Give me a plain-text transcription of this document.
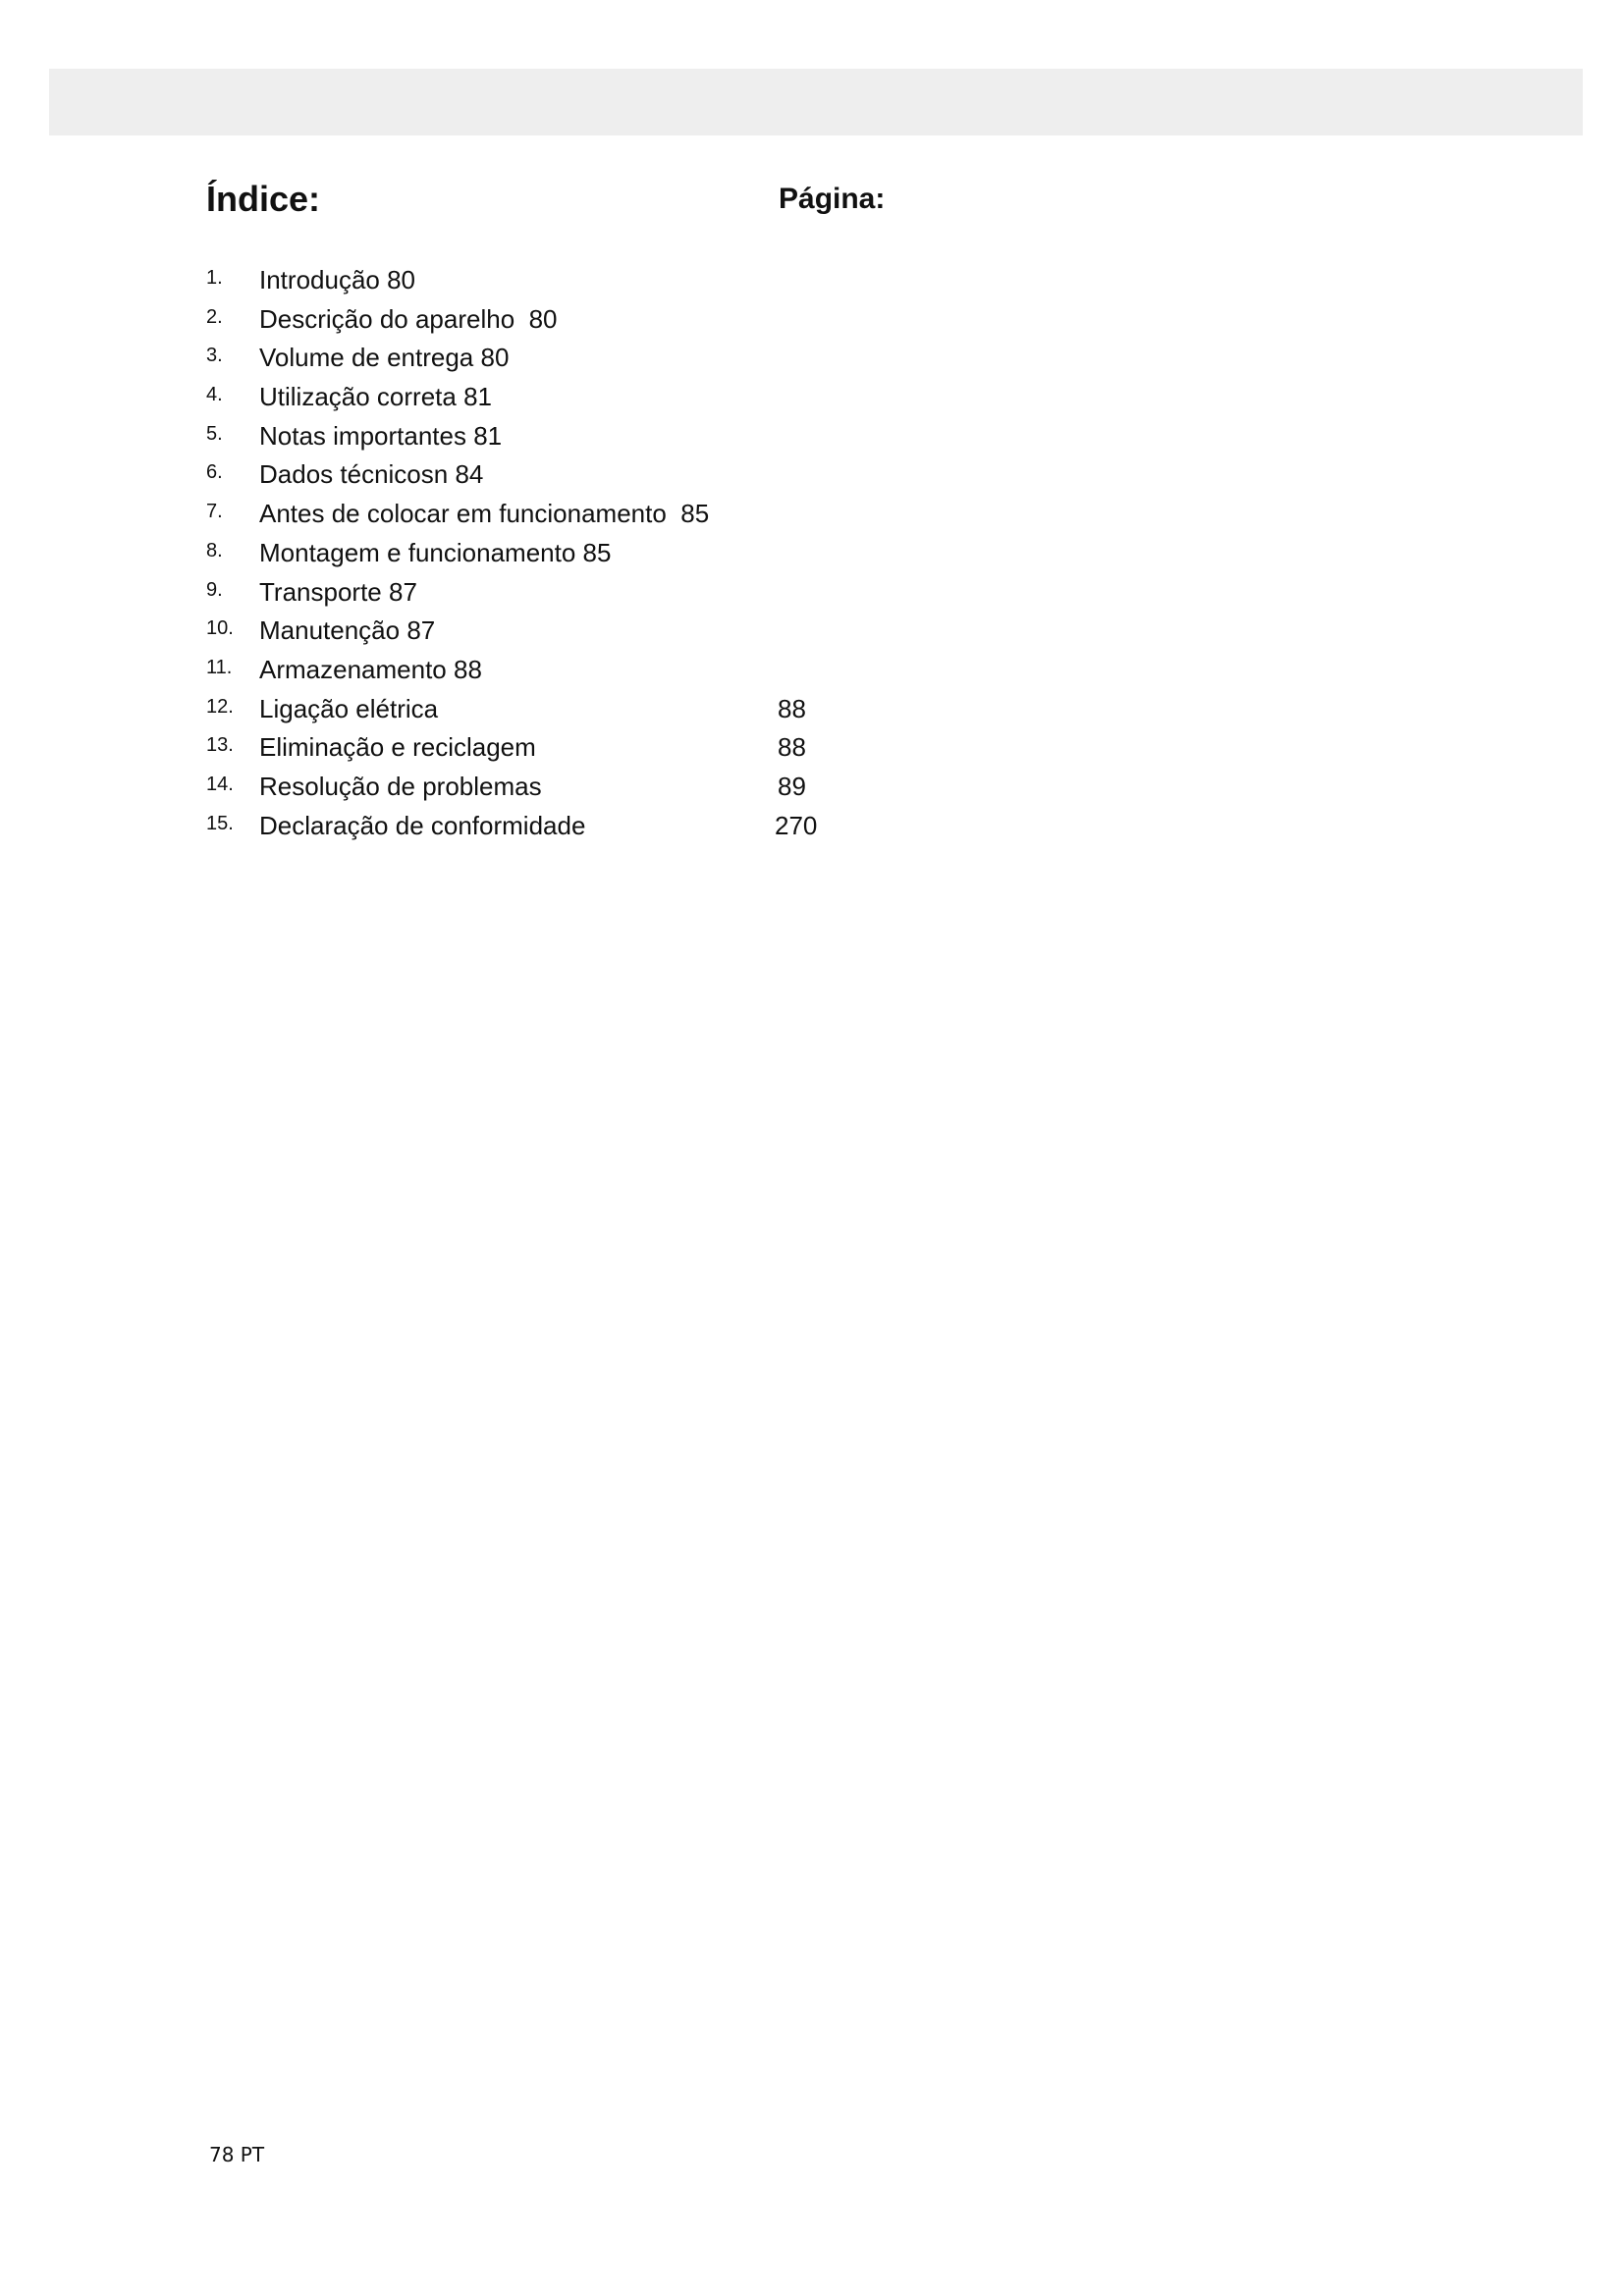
Índice:	Página:
1. Introdução 80
2. Descrição do aparelho  80
3. Volume de entrega 80
4. Utilização correta 81
5. Notas importantes 81
6. Dados técnicosn 84
7. Antes de colocar em funcionamento  85
8. Montagem e funcionamento 85
9. Transporte 87
10. Manutenção 87
11. Armazenamento 88
12. Ligação elétrica	88
13. Eliminação e reciclagem	88
14. Resolução de problemas	89
15. Declaração de conformidade	270
78 PT
